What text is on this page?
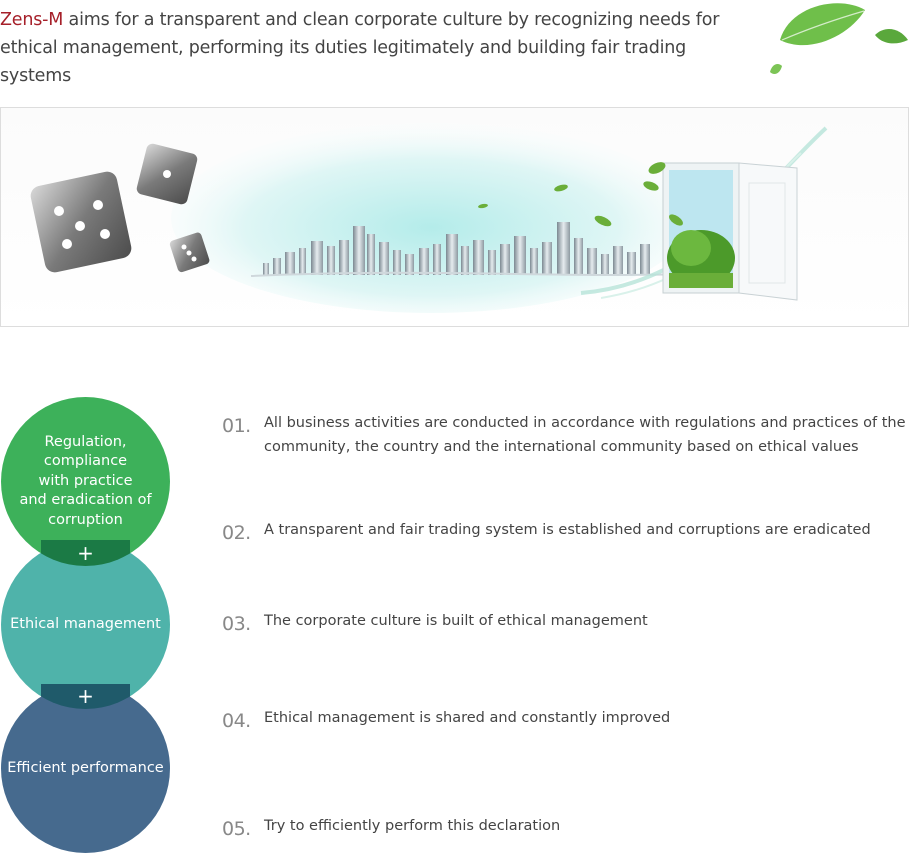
Zens-M aims for a transparent and clean corporate culture by recognizing needs for ethical management, performing its duties legitimately and building fair trading systems
Regulation,
compliance
with practice
and eradication of
corruption
Ethical management
Efficient performance
+
+
01. All business activities are conducted in accordance with regulations and practices of the community, the country and the international community based on ethical values
02. A transparent and fair trading system is established and corruptions are eradicated
03. The corporate culture is built of ethical management
04. Ethical management is shared and constantly improved
05. Try to efficiently perform this declaration
